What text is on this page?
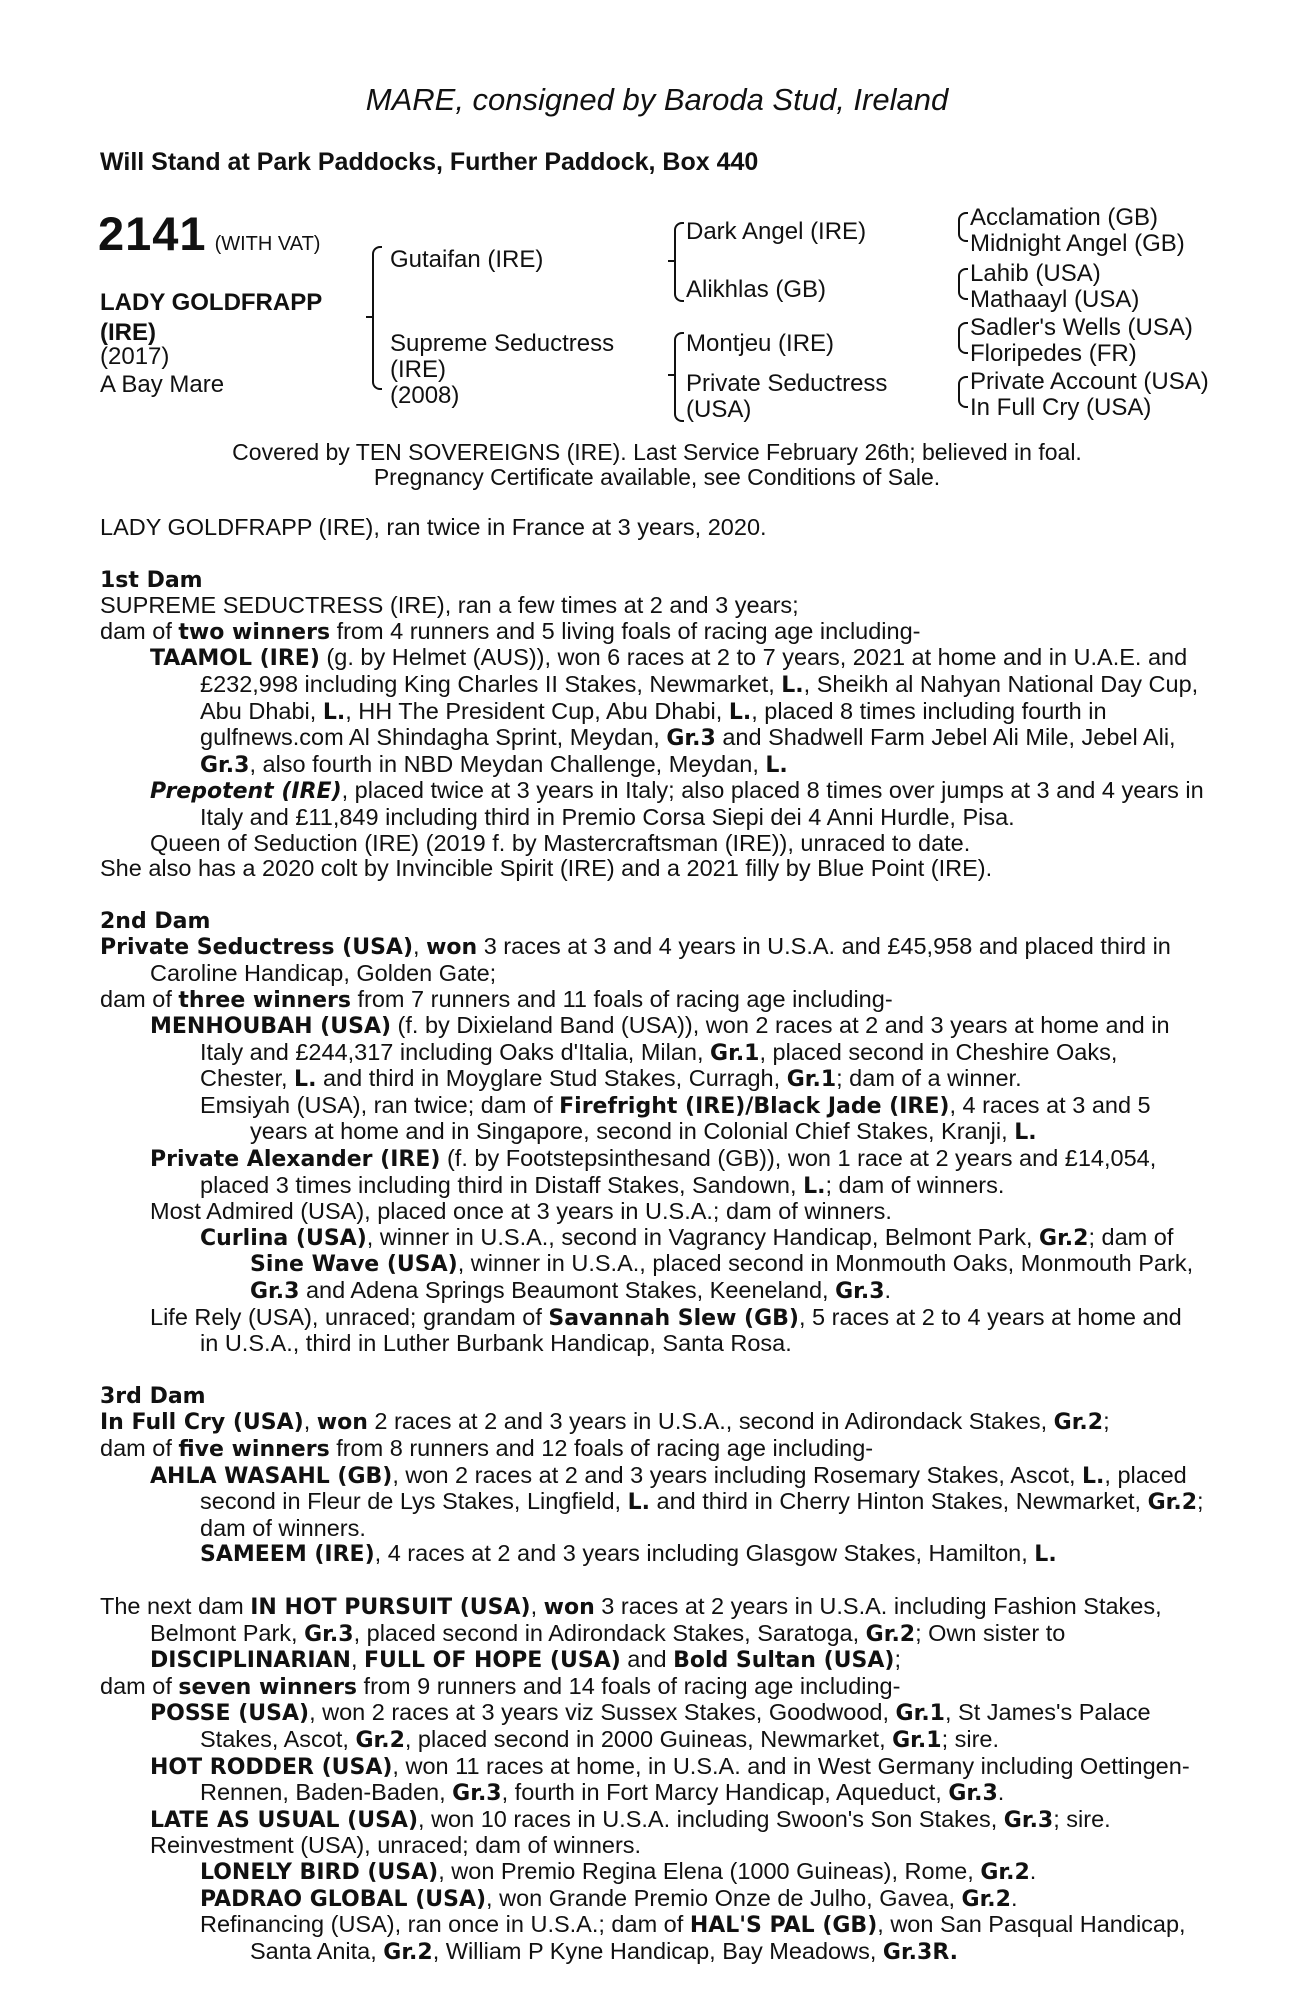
MARE, consigned by Baroda Stud, Ireland
Will Stand at Park Paddocks, Further Paddock, Box 440
2141 (WITH VAT)
LADY GOLDFRAPP
(IRE)
(2017)
A Bay Mare
Gutaifan (IRE)
Supreme Seductress
(IRE)
(2008)
Dark Angel (IRE)
Alikhlas (GB)
Montjeu (IRE)
Private Seductress
(USA)
Acclamation (GB)
Midnight Angel (GB)
Lahib (USA)
Mathaayl (USA)
Sadler's Wells (USA)
Floripedes (FR)
Private Account (USA)
In Full Cry (USA)
Covered by TEN SOVEREIGNS (IRE). Last Service February 26th; believed in foal.
Pregnancy Certificate available, see Conditions of Sale.

LADY GOLDFRAPP (IRE), ran twice in France at 3 years, 2020.

1st Dam

SUPREME SEDUCTRESS (IRE), ran a few times at 2 and 3 years;

dam of two winners from 4 runners and 5 living foals of racing age including-

TAAMOL (IRE) (g. by Helmet (AUS)), won 6 races at 2 to 7 years, 2021 at home and in U.A.E. and £232,998 including King Charles II Stakes, Newmarket, L., Sheikh al Nahyan National Day Cup, Abu Dhabi, L., HH The President Cup, Abu Dhabi, L., placed 8 times including fourth in gulfnews.com Al Shindagha Sprint, Meydan, Gr.3 and Shadwell Farm Jebel Ali Mile, Jebel Ali, Gr.3, also fourth in NBD Meydan Challenge, Meydan, L.

Prepotent (IRE), placed twice at 3 years in Italy; also placed 8 times over jumps at 3 and 4 years in Italy and £11,849 including third in Premio Corsa Siepi dei 4 Anni Hurdle, Pisa.

Queen of Seduction (IRE) (2019 f. by Mastercraftsman (IRE)), unraced to date.

She also has a 2020 colt by Invincible Spirit (IRE) and a 2021 filly by Blue Point (IRE).

2nd Dam

Private Seductress (USA), won 3 races at 3 and 4 years in U.S.A. and £45,958 and placed third in Caroline Handicap, Golden Gate;

dam of three winners from 7 runners and 11 foals of racing age including-

MENHOUBAH (USA) (f. by Dixieland Band (USA)), won 2 races at 2 and 3 years at home and in Italy and £244,317 including Oaks d'Italia, Milan, Gr.1, placed second in Cheshire Oaks, Chester, L. and third in Moyglare Stud Stakes, Curragh, Gr.1; dam of a winner.

Emsiyah (USA), ran twice; dam of Firefright (IRE)/Black Jade (IRE), 4 races at 3 and 5 years at home and in Singapore, second in Colonial Chief Stakes, Kranji, L.

Private Alexander (IRE) (f. by Footstepsinthesand (GB)), won 1 race at 2 years and £14,054, placed 3 times including third in Distaff Stakes, Sandown, L.; dam of winners.

Most Admired (USA), placed once at 3 years in U.S.A.; dam of winners.

Curlina (USA), winner in U.S.A., second in Vagrancy Handicap, Belmont Park, Gr.2; dam of Sine Wave (USA), winner in U.S.A., placed second in Monmouth Oaks, Monmouth Park, Gr.3 and Adena Springs Beaumont Stakes, Keeneland, Gr.3.

Life Rely (USA), unraced; grandam of Savannah Slew (GB), 5 races at 2 to 4 years at home and in U.S.A., third in Luther Burbank Handicap, Santa Rosa.

3rd Dam

In Full Cry (USA), won 2 races at 2 and 3 years in U.S.A., second in Adirondack Stakes, Gr.2;

dam of five winners from 8 runners and 12 foals of racing age including-

AHLA WASAHL (GB), won 2 races at 2 and 3 years including Rosemary Stakes, Ascot, L., placed second in Fleur de Lys Stakes, Lingfield, L. and third in Cherry Hinton Stakes, Newmarket, Gr.2; dam of winners.

SAMEEM (IRE), 4 races at 2 and 3 years including Glasgow Stakes, Hamilton, L.

The next dam IN HOT PURSUIT (USA), won 3 races at 2 years in U.S.A. including Fashion Stakes, Belmont Park, Gr.3, placed second in Adirondack Stakes, Saratoga, Gr.2; Own sister to DISCIPLINARIAN, FULL OF HOPE (USA) and Bold Sultan (USA);

dam of seven winners from 9 runners and 14 foals of racing age including-

POSSE (USA), won 2 races at 3 years viz Sussex Stakes, Goodwood, Gr.1, St James's Palace Stakes, Ascot, Gr.2, placed second in 2000 Guineas, Newmarket, Gr.1; sire.

HOT RODDER (USA), won 11 races at home, in U.S.A. and in West Germany including Oettingen-Rennen, Baden-Baden, Gr.3, fourth in Fort Marcy Handicap, Aqueduct, Gr.3.

LATE AS USUAL (USA), won 10 races in U.S.A. including Swoon's Son Stakes, Gr.3; sire.

Reinvestment (USA), unraced; dam of winners.

LONELY BIRD (USA), won Premio Regina Elena (1000 Guineas), Rome, Gr.2.

PADRAO GLOBAL (USA), won Grande Premio Onze de Julho, Gavea, Gr.2.

Refinancing (USA), ran once in U.S.A.; dam of HAL'S PAL (GB), won San Pasqual Handicap, Santa Anita, Gr.2, William P Kyne Handicap, Bay Meadows, Gr.3R.
